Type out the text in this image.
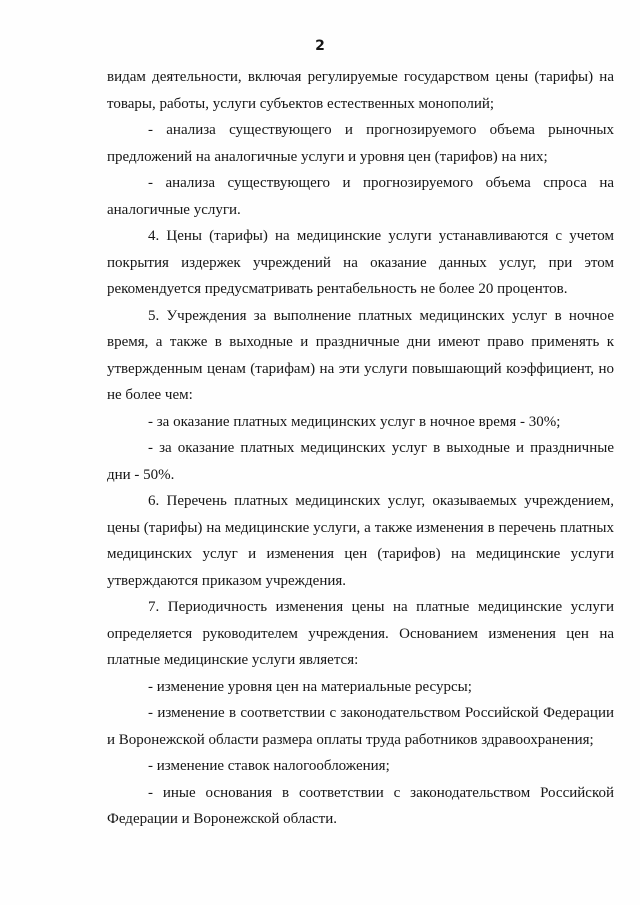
2

видам деятельности, включая регулируемые государством цены (тарифы) на товары, работы, услуги субъектов естественных монополий;

- анализа существующего и прогнозируемого объема рыночных предложений на аналогичные услуги и уровня цен (тарифов) на них;

- анализа существующего и прогнозируемого объема спроса на аналогичные услуги.

4. Цены (тарифы) на медицинские услуги устанавливаются с учетом покрытия издержек учреждений на оказание данных услуг, при этом рекомендуется предусматривать рентабельность не более 20 процентов.

5. Учреждения за выполнение платных медицинских услуг в ночное время, а также в выходные и праздничные дни имеют право применять к утвержденным ценам (тарифам) на эти услуги повышающий коэффициент, но не более чем:

- за оказание платных медицинских услуг в ночное время - 30%;

- за оказание платных медицинских услуг в выходные и праздничные дни - 50%.

6. Перечень платных медицинских услуг, оказываемых учреждением, цены (тарифы) на медицинские услуги, а также изменения в перечень платных медицинских услуг и изменения цен (тарифов) на медицинские услуги утверждаются приказом учреждения.

7. Периодичность изменения цены на платные медицинские услуги определяется руководителем учреждения. Основанием изменения цен на платные медицинские услуги является:

- изменение уровня цен на материальные ресурсы;

- изменение в соответствии с законодательством Российской Федерации и Воронежской области размера оплаты труда работников здравоохранения;

- изменение ставок налогообложения;

- иные основания в соответствии с законодательством Российской Федерации и Воронежской области.
